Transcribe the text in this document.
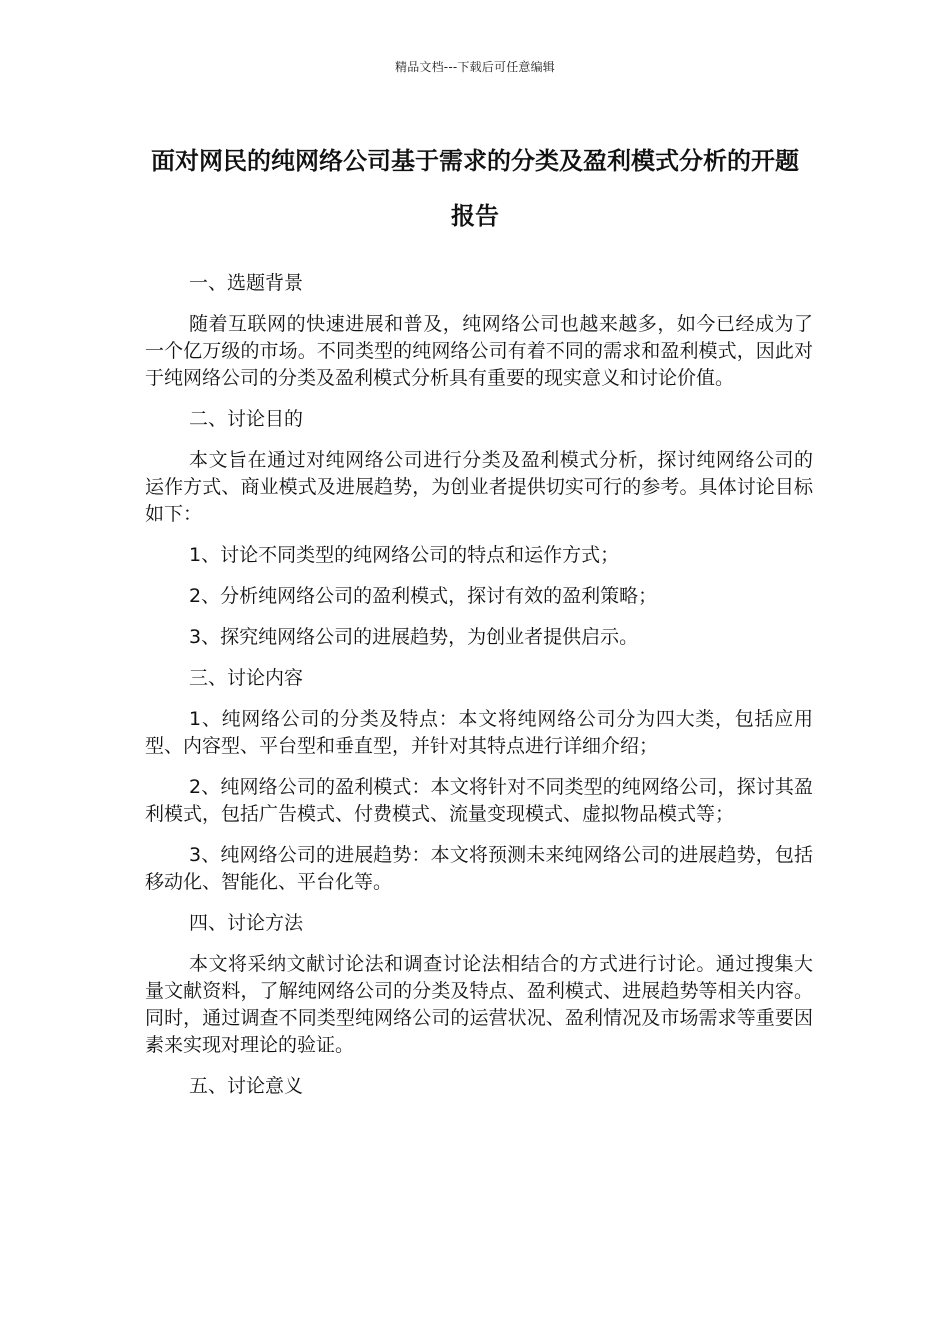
精品文档---下载后可任意编辑
面对网民的纯网络公司基于需求的分类及盈利模式分析的开题报告
一、选题背景

随着互联网的快速进展和普及，纯网络公司也越来越多，如今已经成为了一个亿万级的市场。不同类型的纯网络公司有着不同的需求和盈利模式，因此对于纯网络公司的分类及盈利模式分析具有重要的现实意义和讨论价值。

二、讨论目的

本文旨在通过对纯网络公司进行分类及盈利模式分析，探讨纯网络公司的运作方式、商业模式及进展趋势，为创业者提供切实可行的参考。具体讨论目标如下：

1、讨论不同类型的纯网络公司的特点和运作方式；

2、分析纯网络公司的盈利模式，探讨有效的盈利策略；

3、探究纯网络公司的进展趋势，为创业者提供启示。

三、讨论内容

1、纯网络公司的分类及特点：本文将纯网络公司分为四大类，包括应用型、内容型、平台型和垂直型，并针对其特点进行详细介绍；

2、纯网络公司的盈利模式：本文将针对不同类型的纯网络公司，探讨其盈利模式，包括广告模式、付费模式、流量变现模式、虚拟物品模式等；

3、纯网络公司的进展趋势：本文将预测未来纯网络公司的进展趋势，包括移动化、智能化、平台化等。

四、讨论方法

本文将采纳文献讨论法和调查讨论法相结合的方式进行讨论。通过搜集大量文献资料，了解纯网络公司的分类及特点、盈利模式、进展趋势等相关内容。同时，通过调查不同类型纯网络公司的运营状况、盈利情况及市场需求等重要因素来实现对理论的验证。

五、讨论意义
